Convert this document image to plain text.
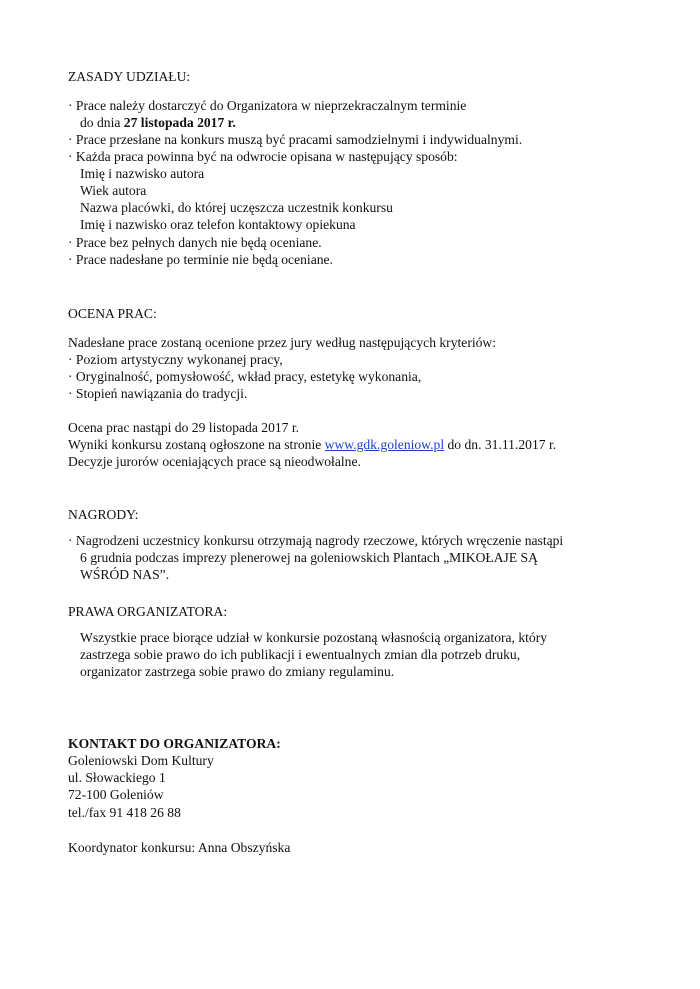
ZASADY UDZIAŁU:
· Prace należy dostarczyć do Organizatora w nieprzekraczalnym terminie
do dnia 27 listopada 2017 r.
· Prace przesłane na konkurs muszą być pracami samodzielnymi i indywidualnymi.
· Każda praca powinna być na odwrocie opisana w następujący sposób:
Imię i nazwisko autora
Wiek autora
Nazwa placówki, do której uczęszcza uczestnik konkursu
Imię i nazwisko oraz telefon kontaktowy opiekuna
· Prace bez pełnych danych nie będą oceniane.
· Prace nadesłane po terminie nie będą oceniane.
OCENA PRAC:
Nadesłane prace zostaną ocenione przez jury według następujących kryteriów:
· Poziom artystyczny wykonanej pracy,
· Oryginalność, pomysłowość, wkład pracy, estetykę wykonania,
· Stopień nawiązania do tradycji.
Ocena prac nastąpi do 29 listopada 2017 r.
Wyniki konkursu zostaną ogłoszone na stronie www.gdk.goleniow.pl do dn. 31.11.2017 r.
Decyzje jurorów oceniających prace są nieodwołalne.
NAGRODY:
· Nagrodzeni uczestnicy konkursu otrzymają nagrody rzeczowe, których wręczenie nastąpi
6 grudnia podczas imprezy plenerowej na goleniowskich Plantach „MIKOŁAJE SĄ
WŚRÓD NAS”.
PRAWA ORGANIZATORA:
Wszystkie prace biorące udział w konkursie pozostaną własnością organizatora, który
zastrzega sobie prawo do ich publikacji i ewentualnych zmian dla potrzeb druku,
organizator zastrzega sobie prawo do zmiany regulaminu.
KONTAKT DO ORGANIZATORA:
Goleniowski Dom Kultury
ul. Słowackiego 1
72-100 Goleniów
tel./fax 91 418 26 88
Koordynator konkursu: Anna Obszyńska
